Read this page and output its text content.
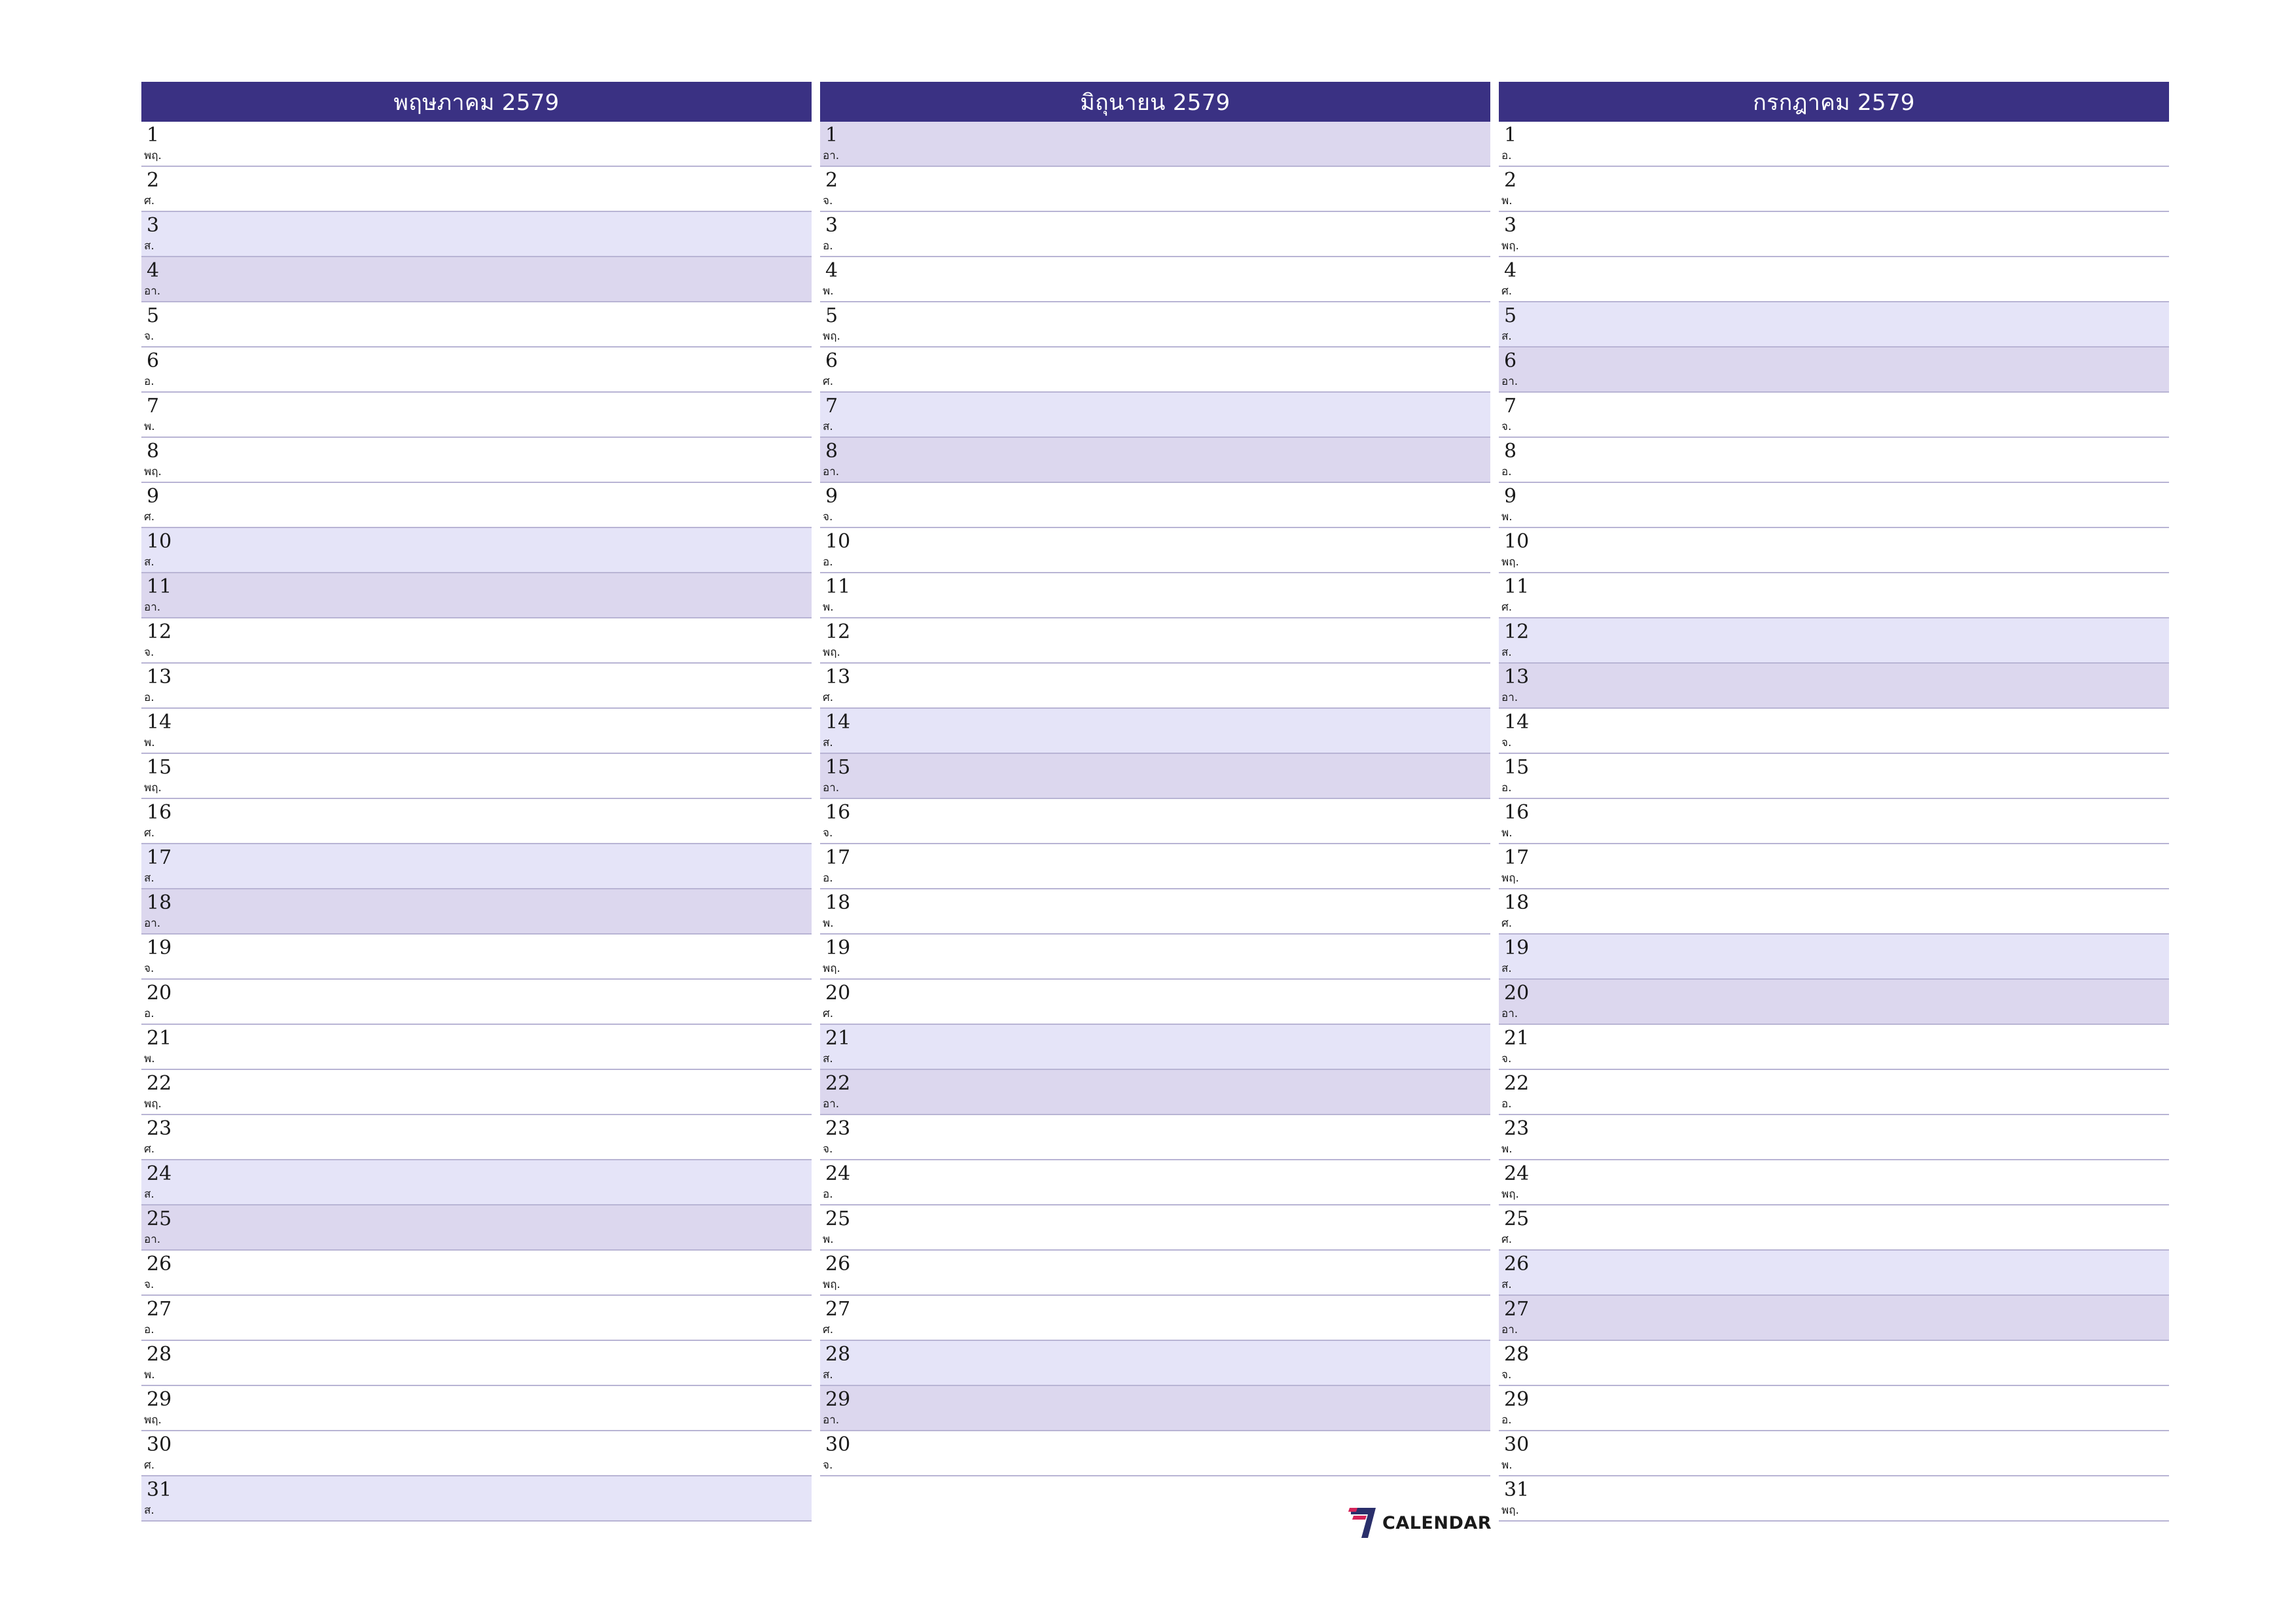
พฤษภาคม 2579
1
พฤ.
2
ศ.
3
ส.
4
อา.
5
จ.
6
อ.
7
พ.
8
พฤ.
9
ศ.
10
ส.
11
อา.
12
จ.
13
อ.
14
พ.
15
พฤ.
16
ศ.
17
ส.
18
อา.
19
จ.
20
อ.
21
พ.
22
พฤ.
23
ศ.
24
ส.
25
อา.
26
จ.
27
อ.
28
พ.
29
พฤ.
30
ศ.
31
ส.
มิถุนายน 2579
1
อา.
2
จ.
3
อ.
4
พ.
5
พฤ.
6
ศ.
7
ส.
8
อา.
9
จ.
10
อ.
11
พ.
12
พฤ.
13
ศ.
14
ส.
15
อา.
16
จ.
17
อ.
18
พ.
19
พฤ.
20
ศ.
21
ส.
22
อา.
23
จ.
24
อ.
25
พ.
26
พฤ.
27
ศ.
28
ส.
29
อา.
30
จ.
กรกฎาคม 2579
1
อ.
2
พ.
3
พฤ.
4
ศ.
5
ส.
6
อา.
7
จ.
8
อ.
9
พ.
10
พฤ.
11
ศ.
12
ส.
13
อา.
14
จ.
15
อ.
16
พ.
17
พฤ.
18
ศ.
19
ส.
20
อา.
21
จ.
22
อ.
23
พ.
24
พฤ.
25
ศ.
26
ส.
27
อา.
28
จ.
29
อ.
30
พ.
31
พฤ.
CALENDAR
